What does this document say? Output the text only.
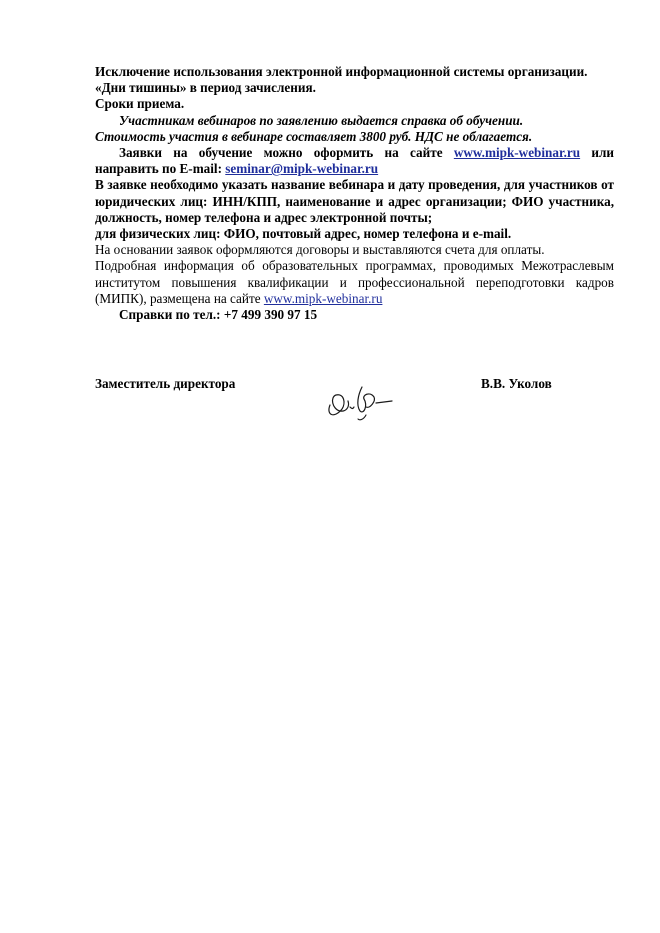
Исключение использования электронной информационной системы организации.

«Дни тишины» в период зачисления.

Сроки приема.

Участникам вебинаров по заявлению выдается справка об обучении.

Стоимость участия в вебинаре составляет 3800 руб. НДС не облагается.

Заявки на обучение можно оформить на сайте www.mipk-webinar.ru или направить по E-mail: seminar@mipk-webinar.ru

В заявке необходимо указать название вебинара и дату проведения, для участников от юридических лиц: ИНН/КПП, наименование и адрес организации; ФИО участника, должность, номер телефона и адрес электронной почты;

для физических лиц: ФИО, почтовый адрес, номер телефона и e-mail.

На основании заявок оформляются договоры и выставляются счета для оплаты.

Подробная информация об образовательных программах, проводимых Межотраслевым институтом повышения квалификации и профессиональной переподготовки кадров (МИПК), размещена на сайте www.mipk-webinar.ru

Справки по тел.: +7 499 390 97 15

Заместитель директора	В.В. Уколов
